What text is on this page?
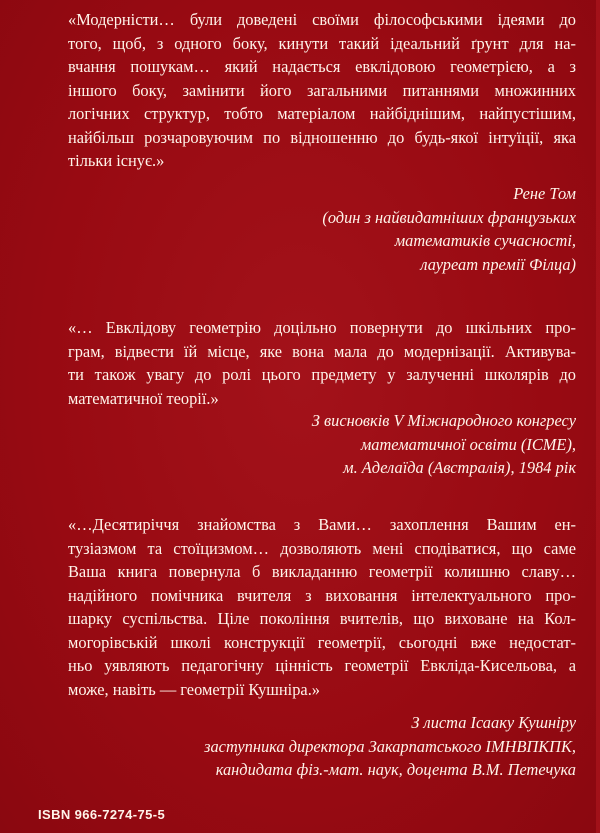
«Модерністи… були доведені своїми філософськими ідеями до
того, щоб, з одного боку, кинути такий ідеальний ґрунт для на-
вчання пошукам… який надається евклідовою геометрією, а з
іншого боку, замінити його загальними питаннями множинних
логічних структур, тобто матеріалом найбіднішим, найпустішим,
найбільш розчаровуючим по відношенню до будь-якої інтуїції, яка
тільки існує.»
Рене Том
(один з найвидатніших французьких
математиків сучасності,
лауреат премії Філца)
«… Евклідову геометрію доцільно повернути до шкільних про-
грам, відвести їй місце, яке вона мала до модернізації. Активува-
ти також увагу до ролі цього предмету у залученні школярів до
математичної теорії.»
З висновків V Міжнародного конгресу
математичної освіти (ICME),
м. Аделаїда (Австралія), 1984 рік
«…Десятиріччя знайомства з Вами… захоплення Вашим ен-
тузіазмом та стоїцизмом… дозволяють мені сподіватися, що саме
Ваша книга повернула б викладанню геометрії колишню славу…
надійного помічника вчителя з виховання інтелектуального про-
шарку суспільства. Ціле покоління вчителів, що виховане на Кол-
могорівській школі конструкції геометрії, сьогодні вже недостат-
ньо уявляють педагогічну цінність геометрії Евкліда-Кисельова, а
може, навіть — геометрії Кушніра.»
З листа Ісааку Кушніру
заступника директора Закарпатського ІМНВПКПК,
кандидата фіз.-мат. наук, доцента В.М. Петечука
ISBN 966-7274-75-5
